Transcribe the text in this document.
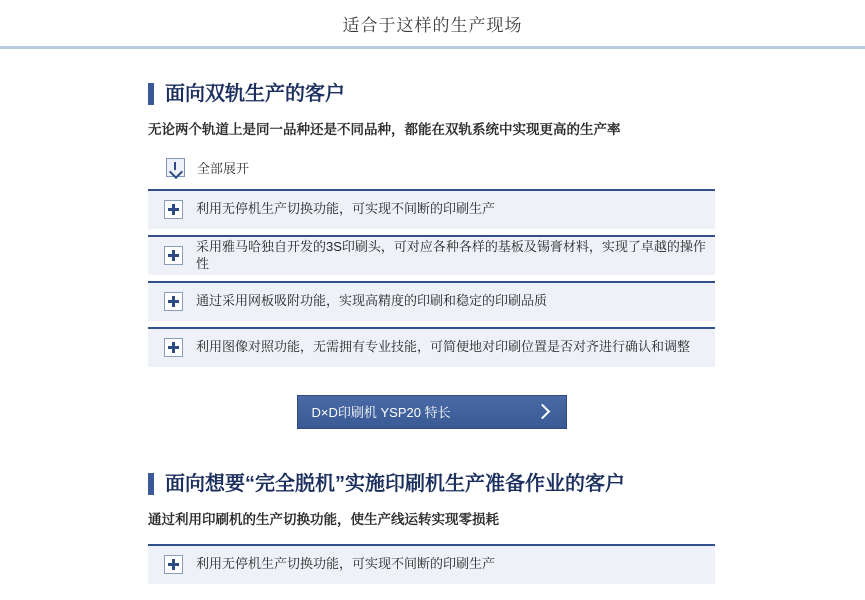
适合于这样的生产现场
面向双轨生产的客户

无论两个轨道上是同一品种还是不同品种，都能在双轨系统中实现更高的生产率

全部展开
利用无停机生产切换功能，可实现不间断的印刷生产
采用雅马哈独自开发的3S印刷头，可对应各种各样的基板及锡膏材料，实现了卓越的操作性
通过采用网板吸附功能，实现高精度的印刷和稳定的印刷品质
利用图像对照功能，无需拥有专业技能，可简便地对印刷位置是否对齐进行确认和调整
D×D印刷机 YSP20 特长
面向想要“完全脱机”实施印刷机生产准备作业的客户

通过利用印刷机的生产切换功能，使生产线运转实现零损耗

利用无停机生产切换功能，可实现不间断的印刷生产
